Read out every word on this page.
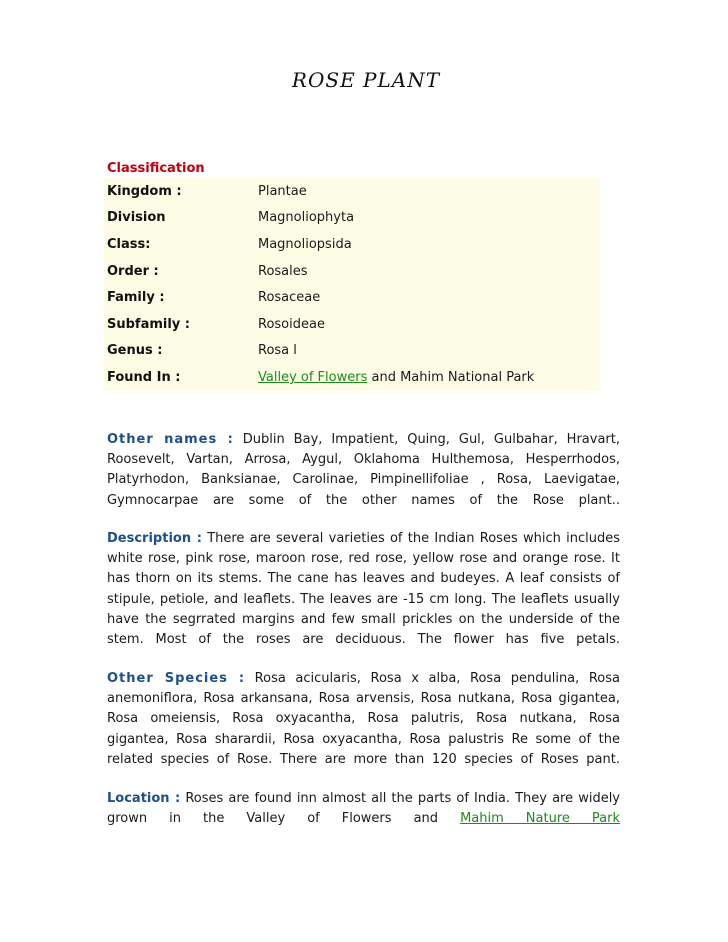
ROSE PLANT
Classification
Kingdom :	Plantae
Division	Magnoliophyta
Class:	Magnoliopsida
Order :	Rosales
Family :	Rosaceae
Subfamily :	Rosoideae
Genus :	Rosa l
Found In :	Valley of Flowers and Mahim National Park
Other names : Dublin Bay, Impatient, Quing, Gul, Gulbahar, Hravart, Roosevelt, Vartan, Arrosa, Aygul, Oklahoma Hulthemosa, Hesperrhodos, Platyrhodon, Banksianae, Carolinae, Pimpinellifoliae , Rosa, Laevigatae, Gymnocarpae are some of the other names of the Rose plant..
Description : There are several varieties of the Indian Roses which includes white rose, pink rose, maroon rose, red rose, yellow rose and orange rose. It has thorn on its stems. The cane has leaves and budeyes. A leaf consists of stipule, petiole, and leaflets. The leaves are -15 cm long. The leaflets usually have the segrrated margins and few small prickles on the underside of the stem. Most of the roses are deciduous. The flower has five petals.
Other Species : Rosa acicularis, Rosa x alba, Rosa pendulina, Rosa anemoniflora, Rosa arkansana, Rosa arvensis, Rosa nutkana, Rosa gigantea, Rosa omeiensis, Rosa oxyacantha, Rosa palutris, Rosa nutkana, Rosa gigantea, Rosa sharardii, Rosa oxyacantha, Rosa palustris Re some of the related species of Rose. There are more than 120 species of Roses pant.
Location : Roses are found inn almost all the parts of India. They are widely grown in the Valley of Flowers and Mahim Nature Park
